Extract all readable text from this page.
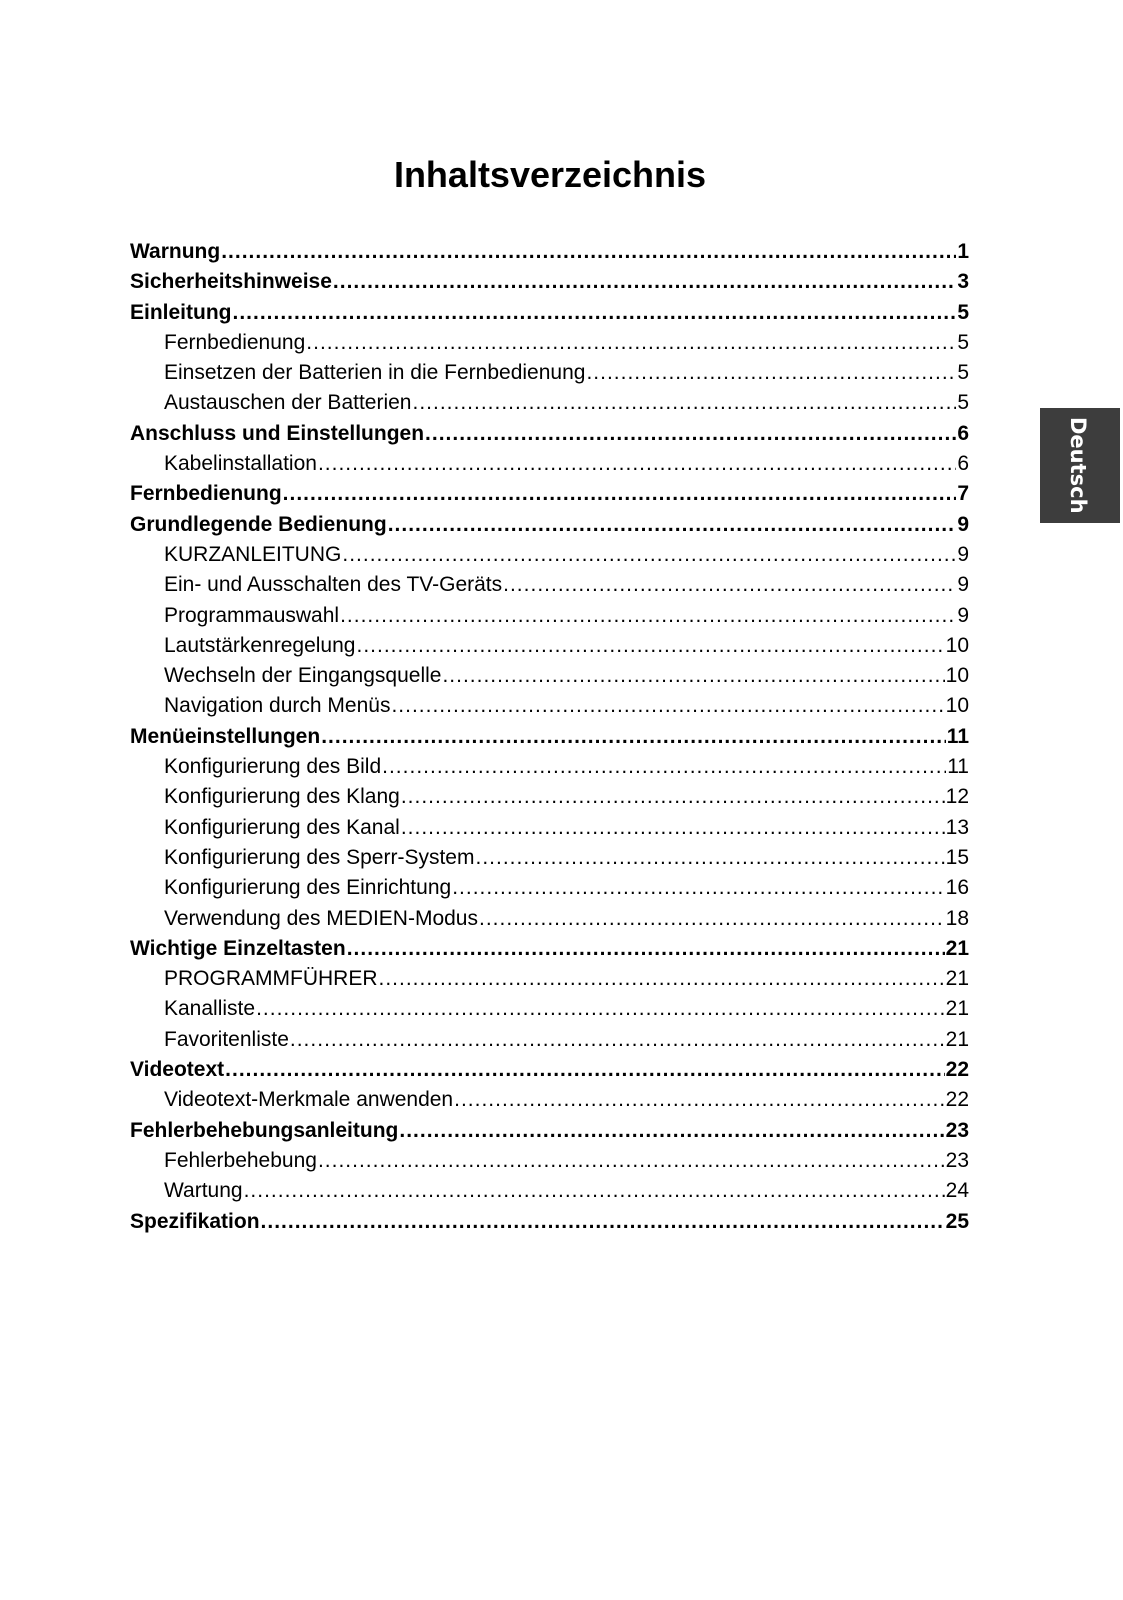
Inhaltsverzeichnis
Warnung .....	1
Sicherheitshinweise .....	3
Einleitung .....	5
Fernbedienung .....	5
Einsetzen der Batterien in die Fernbedienung .....	5
Austauschen der Batterien .....	5
Anschluss und Einstellungen .....	6
Kabelinstallation .....	6
Fernbedienung .....	7
Grundlegende Bedienung .....	9
KURZANLEITUNG .....	9
Ein- und Ausschalten des TV-Geräts .....	9
Programmauswahl .....	9
Lautstärkenregelung .....	10
Wechseln der Eingangsquelle .....	10
Navigation durch Menüs .....	10
Menüeinstellungen .....	11
Konfigurierung des Bild .....	11
Konfigurierung des Klang .....	12
Konfigurierung des Kanal .....	13
Konfigurierung des Sperr-System .....	15
Konfigurierung des Einrichtung .....	16
Verwendung des MEDIEN-Modus .....	18
Wichtige Einzeltasten .....	21
PROGRAMMFÜHRER .....	21
Kanalliste .....	21
Favoritenliste .....	21
Videotext .....	22
Videotext-Merkmale anwenden .....	22
Fehlerbehebungsanleitung .....	23
Fehlerbehebung .....	23
Wartung .....	24
Spezifikation .....	25
Deutsch
